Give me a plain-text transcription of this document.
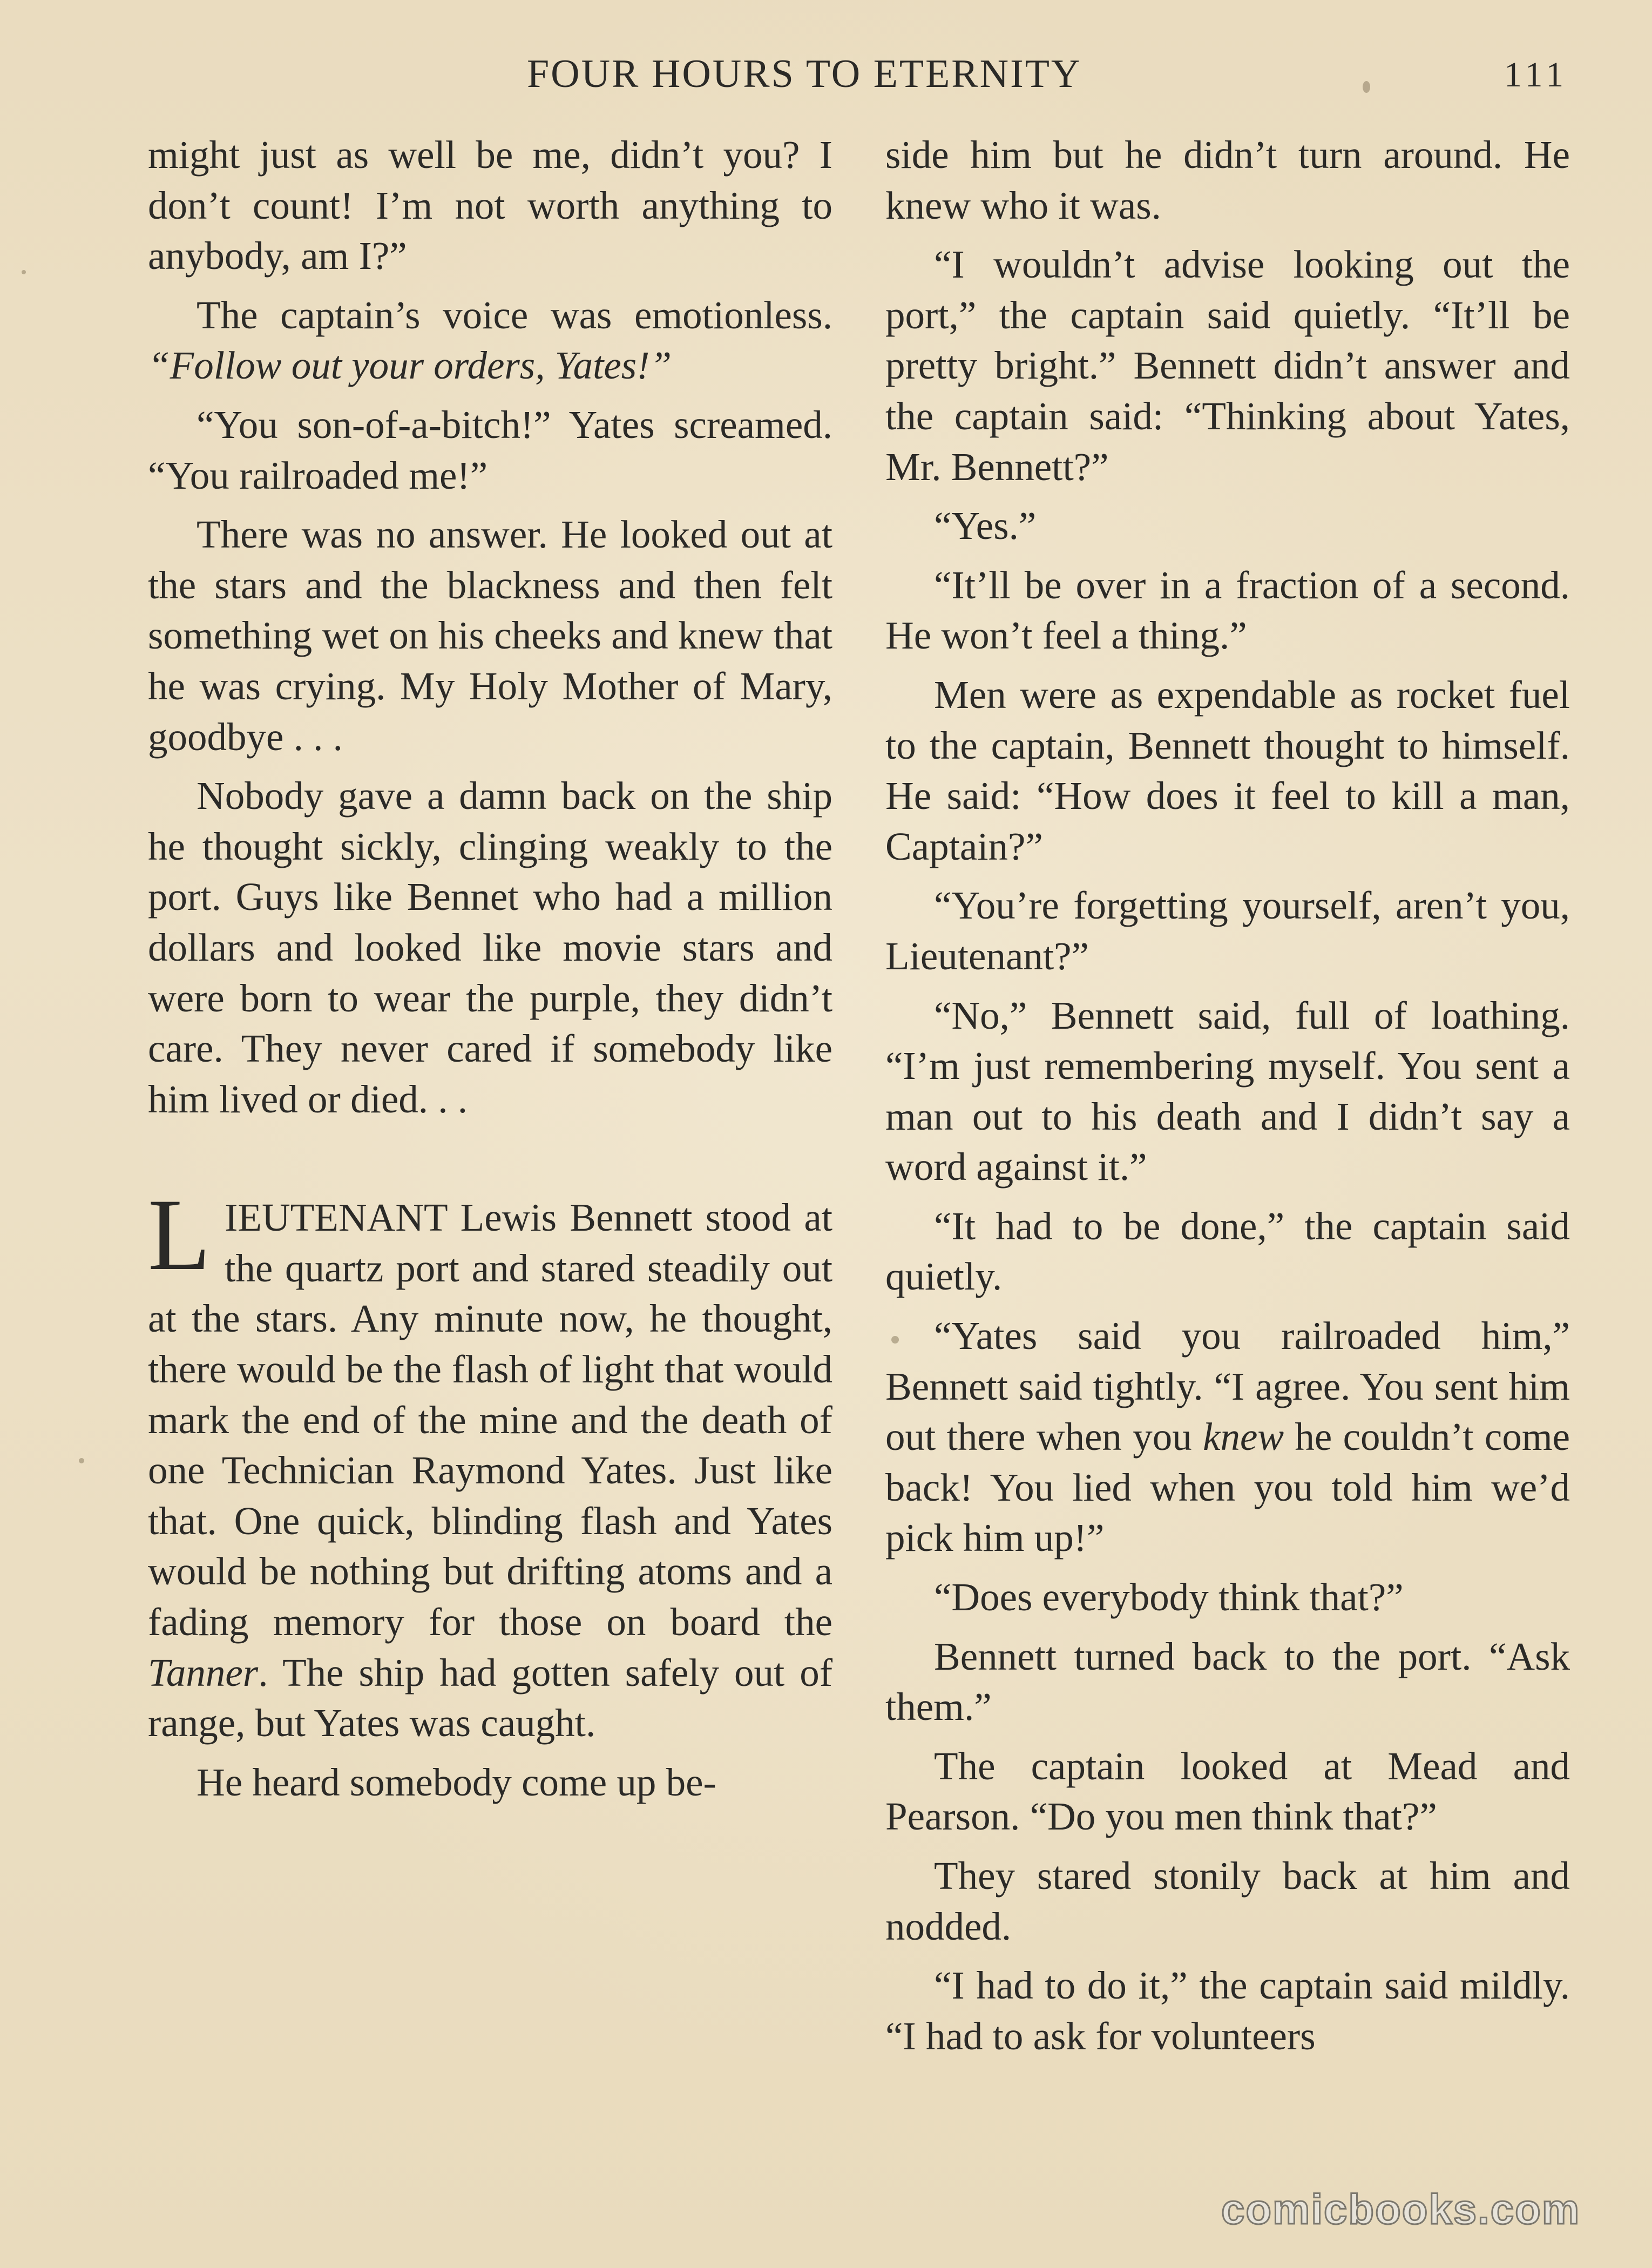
FOUR HOURS TO ETERNITY	111

might just as well be me, didn’t you? I don’t count! I’m not worth anything to anybody, am I?”

The captain’s voice was emotionless. “Follow out your orders, Yates!”

“You son-of-a-bitch!” Yates screamed. “You railroaded me!”

There was no answer. He looked out at the stars and the blackness and then felt something wet on his cheeks and knew that he was crying. My Holy Mother of Mary, goodbye . . .

Nobody gave a damn back on the ship he thought sickly, clinging weakly to the port. Guys like Bennet who had a million dollars and looked like movie stars and were born to wear the purple, they didn’t care. They never cared if somebody like him lived or died. . .

LIEUTENANT Lewis Bennett stood at the quartz port and stared steadily out at the stars. Any minute now, he thought, there would be the flash of light that would mark the end of the mine and the death of one Technician Raymond Yates. Just like that. One quick, blinding flash and Yates would be nothing but drifting atoms and a fading memory for those on board the Tanner. The ship had gotten safely out of range, but Yates was caught.

He heard somebody come up be-

side him but he didn’t turn around. He knew who it was.

“I wouldn’t advise looking out the port,” the captain said quietly. “It’ll be pretty bright.” Bennett didn’t answer and the captain said: “Thinking about Yates, Mr. Bennett?”

“Yes.”

“It’ll be over in a fraction of a second. He won’t feel a thing.”

Men were as expendable as rocket fuel to the captain, Bennett thought to himself. He said: “How does it feel to kill a man, Captain?”

“You’re forgetting yourself, aren’t you, Lieutenant?”

“No,” Bennett said, full of loathing. “I’m just remembering myself. You sent a man out to his death and I didn’t say a word against it.”

“It had to be done,” the captain said quietly.

“Yates said you railroaded him,” Bennett said tightly. “I agree. You sent him out there when you knew he couldn’t come back! You lied when you told him we’d pick him up!”

“Does everybody think that?”

Bennett turned back to the port. “Ask them.”

The captain looked at Mead and Pearson. “Do you men think that?”

They stared stonily back at him and nodded.

“I had to do it,” the captain said mildly. “I had to ask for volunteers

comicbooks.com
